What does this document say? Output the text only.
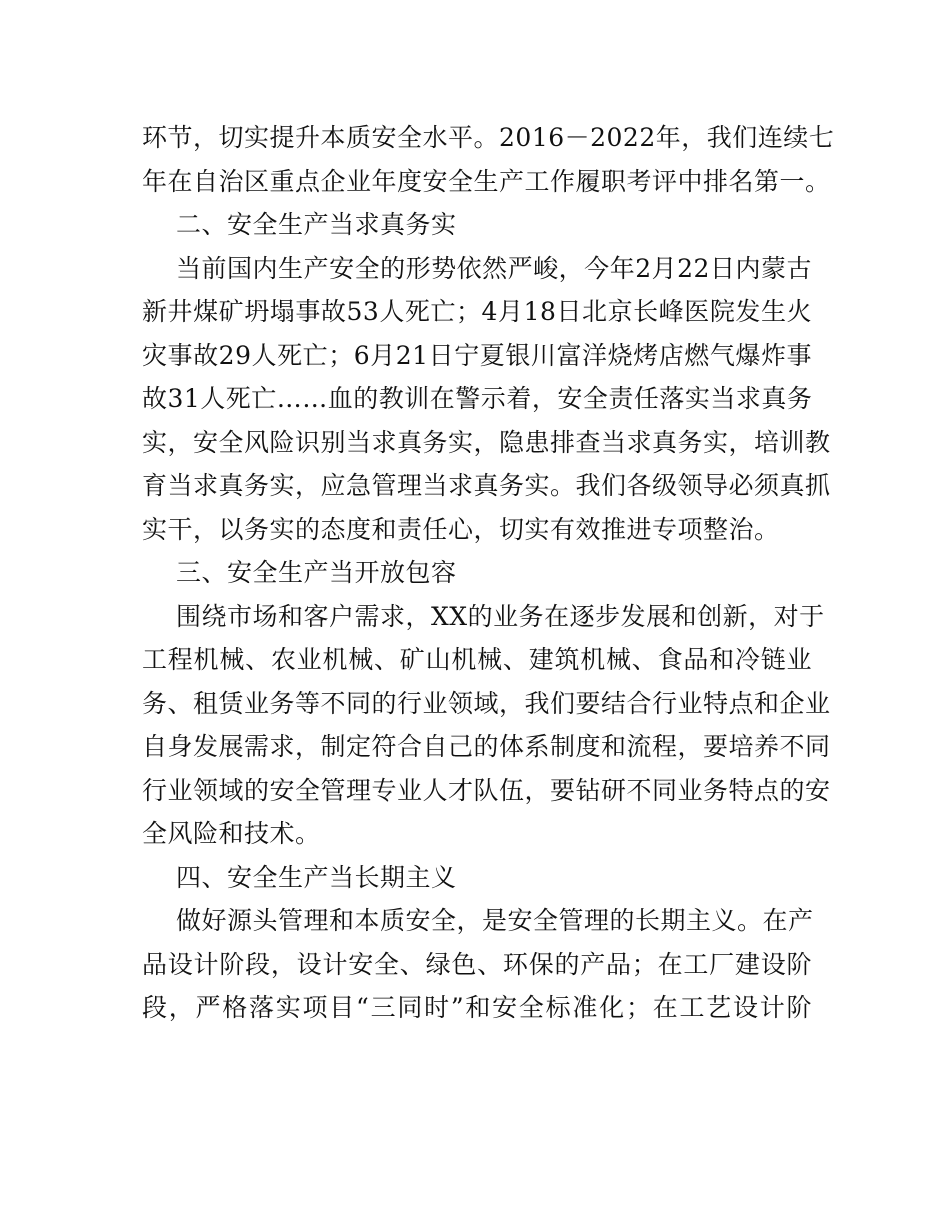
环节，切实提升本质安全水平。2016－2022年，我们连续七
年在自治区重点企业年度安全生产工作履职考评中排名第一。
二、安全生产当求真务实
当前国内生产安全的形势依然严峻，今年2月22日内蒙古
新井煤矿坍塌事故53人死亡；4月18日北京长峰医院发生火
灾事故29人死亡；6月21日宁夏银川富洋烧烤店燃气爆炸事
故31人死亡……血的教训在警示着，安全责任落实当求真务
实，安全风险识别当求真务实，隐患排查当求真务实，培训教
育当求真务实，应急管理当求真务实。我们各级领导必须真抓
实干，以务实的态度和责任心，切实有效推进专项整治。
三、安全生产当开放包容
围绕市场和客户需求，XX的业务在逐步发展和创新，对于
工程机械、农业机械、矿山机械、建筑机械、食品和冷链业
务、租赁业务等不同的行业领域，我们要结合行业特点和企业
自身发展需求，制定符合自己的体系制度和流程，要培养不同
行业领域的安全管理专业人才队伍，要钻研不同业务特点的安
全风险和技术。
四、安全生产当长期主义
做好源头管理和本质安全，是安全管理的长期主义。在产
品设计阶段，设计安全、绿色、环保的产品；在工厂建设阶
段，严格落实项目“三同时”和安全标准化；在工艺设计阶
